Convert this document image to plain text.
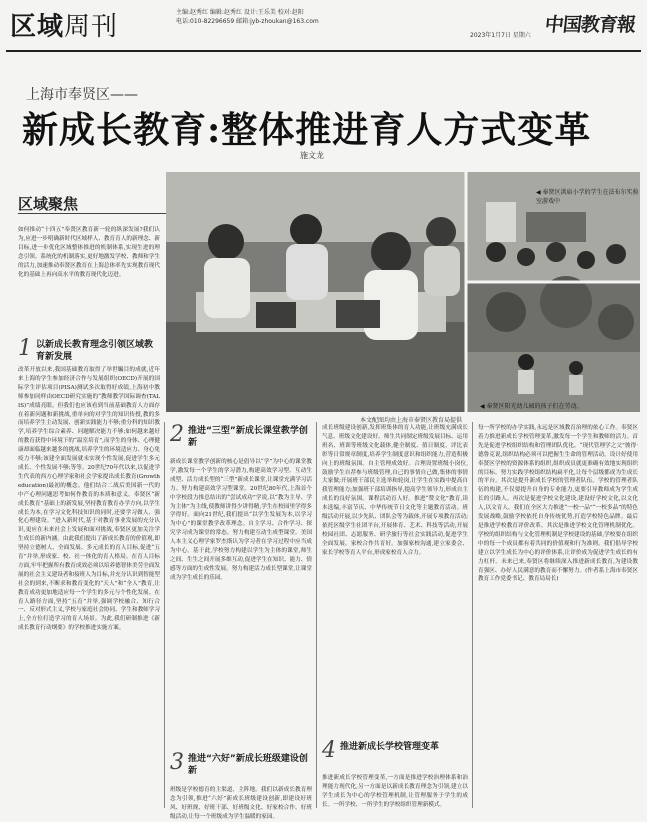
区域周刊	主编:赵秀红 编辑:赵秀红 设计:王乐美 校对:赵阳
电话:010-82296659 邮箱:jyb-zhoukan@163.com
2023年1月7日 星期六 中国教育報
上海市奉贤区——
新成长教育:整体推进育人方式变革
施文龙
区域聚焦
◀ 奉贤区洪庙小学的学生在法布尔实验室游戏中
◀ 奉贤区阳光幼儿园的孩子们在劳动。
本文配图均由上海市奉贤区教育局提供
如何推动“十四五”奉贤区教育新一轮的纵深发展?我们认为,应进一步明确新时代区域样人、教育育人的新理念、新目标,进一步优化区域整体推进的机制体系,实现生进的理念引领、系统化的机制落实,更好地激发学校、教师和学生的活力,加速推动奉贤区教育在上海总体率先实现教育现代化的基础上再向高水平的教育现代化迈进。
1 以新成长教育理念引领区域教育新发展
改革开放以来,我国基础教育取得了举世瞩目的成就,近年来上海的学生参加经济合作与发展组织(OECD)开展的国际学生评估项目(PISA)测试多次取得好成绩,上海初中教师参加同样由OECD研究实施的“教师教学国际调查(TALIS)”成绩亮眼。但我们也应该看到当前基础教育人方面存在着新问题和新挑战,重单向的对学生的知识传授,教的多而培养学生主动发展、创新实践能力不够;重分科的知识教学,培养学生综合素养、问题解决能力不够;如何越来越好的教育获得中环境下的“温室培育”,而学生的身体、心理健康却面临越来越多的挑战,培养学生的环境适应力、身心免疫力不够;该建全面发展就未实现个性发展,促进学生多元成长、个性发展不够;等等。20世纪70年代以来,以促进学生代表的西方心理学家和社会学家提出成长教育(Growth education)最初的概念。他们结合二战后美国新一代的中产心理问题思考如何作教育的本质和意义。奉贤区“新成长教育”基础上的新发展,坚持教育教育办学方向,以学生成长为本,在学习文化科技知识的同时,还要学习做人、强化心理建设。“进入新时代,基于对教育事业发展的充分认识,更应在未来社会上发展和面对挑战,奉贤区更加关注学生成长的新内涵。由此我们提出了新成长教育的价值观,即坚持立德树人、全面发展、多元成长的育人目标,促进“五育”并举,形成家、校、社一体化的育人格局。在育人目标方面,牢牢把握所有教育成效必须以培养德智体美劳全面发展的社会主义建设者和接班人为目标,并充分认识到智能型社会的到来,不断求和教育变化的“天人”和“全人”教育,让教育成功更加地适应每一个学生的多元与个性化发展。在育人路径方面,坚持“五育”并举,强调学校融合、知行合一、反对形式主义,学校与家庭社会协同、学生和教师学习上,全方位打造学习的育人场景。为此,我们研制推进《新成长教育行动纲要》的学校推进实施方案。
2 推进“三型”新成长课堂教学创新
新成长课堂教学创新的核心是倡导以“学”为中心的课堂教学,激发每一个学生的学习潜力,构建高效学习型、互动生成型、活力成长型的“三型”新成长课堂,让课堂充满学习活力。努力构建高效学习型课堂。20世纪80年代,上海首个中学校段力推总结出的“尝试成功”学说,以“教为主导、学为主体”为主线,使教师讲得少讲得精,学生在校园里学得多学得好。面向21世纪,我们提出“以学生发展为本,以学习为中心”的课堂教学改革理念。自主学习、合作学习、探究学习成为课堂的常态。努力构建互动生成型课堂。美国人本主义心理学家罗杰斯认为学习者在学习过程中应当成为中心。基于此,学校努力构建以学生为主体的课堂,师生之间、生生之间开展多维互动,促进学生在知识、能力、情感等方面的生成性发展。努力构建活力成长型课堂,让课堂成为学生成长的乐园。
3 推进“六好”新成长班级建设创新
班级是学校德育的主渠道、主阵地。我们以新成长教育理念为引领,推进“六好”新成长班级建设创新,即建设好班风、好班规、好班干部、好班级文化、好家校合作、好班级活动,让每一个班级成为学生温暖的家园。
成长班级建设创新,发挥班集体的育人功能,让班级充满成长气息。班级文化建设好。师生共同制定班级发展目标、运用班名、班训等班级文化载体,健全制度、值日制度、评比表彰等日常规章制度,培养学生制度意识和组织能力,营造积极向上的班级氛围。自主管理成效好。合理设置班级小岗位,鼓励学生自荐参与班级管理,自己的事情自己做,集体的事情大家做;开展班干部民主选举和轮岗,让学生在实践中提高自我管理能力;加强班干部培训指导,提高学生领导力,形成自主成长的良好氛围。课程活动育人好。推进“赞文化”教育,读本选编,丰富节庆、中华传统节日文化等主题教育活动。班级活动开展,以少先队、团队会等为载体,开展专项教育活动;依托区级学生社团平台,开展体育、艺术、科技等活动,开展校园社团、志愿服务、研学旅行等社会实践活动,促进学生全面发展。家校合作共育好。加强家校沟通,建立家委会、家长学校等育人平台,形成家校育人合力。
4 推进新成长学校管理变革
推进新成长学校管理变革,一方面是推进学校治理体系和治理能力现代化,另一方面是以新成长教育理念为引领,建立以学生成长为中心的学校管理机制,让管理服务于学生的成长。一所学校、一所学生的学校组织管理新模式。
每一所学校的办学实践,永远是区域教育治理的依心工作。奉贤区着力推进新成长学校管理变革,激发每一个学生和教师的活力。首先是促进学校组织结构和管理团队优化。“现代管理学之父”彼得·德鲁克说,组织结构必须可以把握生生命的管理活动。设计好使用奉贤区学校的资源体系的组织,组织成员就更准确有效地实现组织的目标。努力实践学校组织结构扁平化,让每个层级都成为生成长的平台。其次是提升新成长学校的管理者队伍。学校的管理者队伍的构建,不仅要提升自身的专业能力,更要引导教师成为学生成长的引路人。再次是促进学校文化建设,建设好学校文化,以文化人,以文育人。我们在全区大力推进“一校一品”“一校多品”的特色发展战略,鼓励学校依托自身传统优势,打造学校特色品牌。最后是推进学校教育评价改革。其次是推进学校文化管理机制优化。学校的组织结构与文化管理机制是学校建设的基础,学校要在组织中的每一个成员都有着共同的价值观和行为准则。我们倡导学校建立以学生成长为中心的评价体系,让评价成为促进学生成长的有力杠杆。未来已来,奉贤区将继续深入推进新成长教育,为建设教育强区、办好人民满意的教育而不懈努力。(作者系上海市奉贤区教育工作党委书记、教育局局长)
